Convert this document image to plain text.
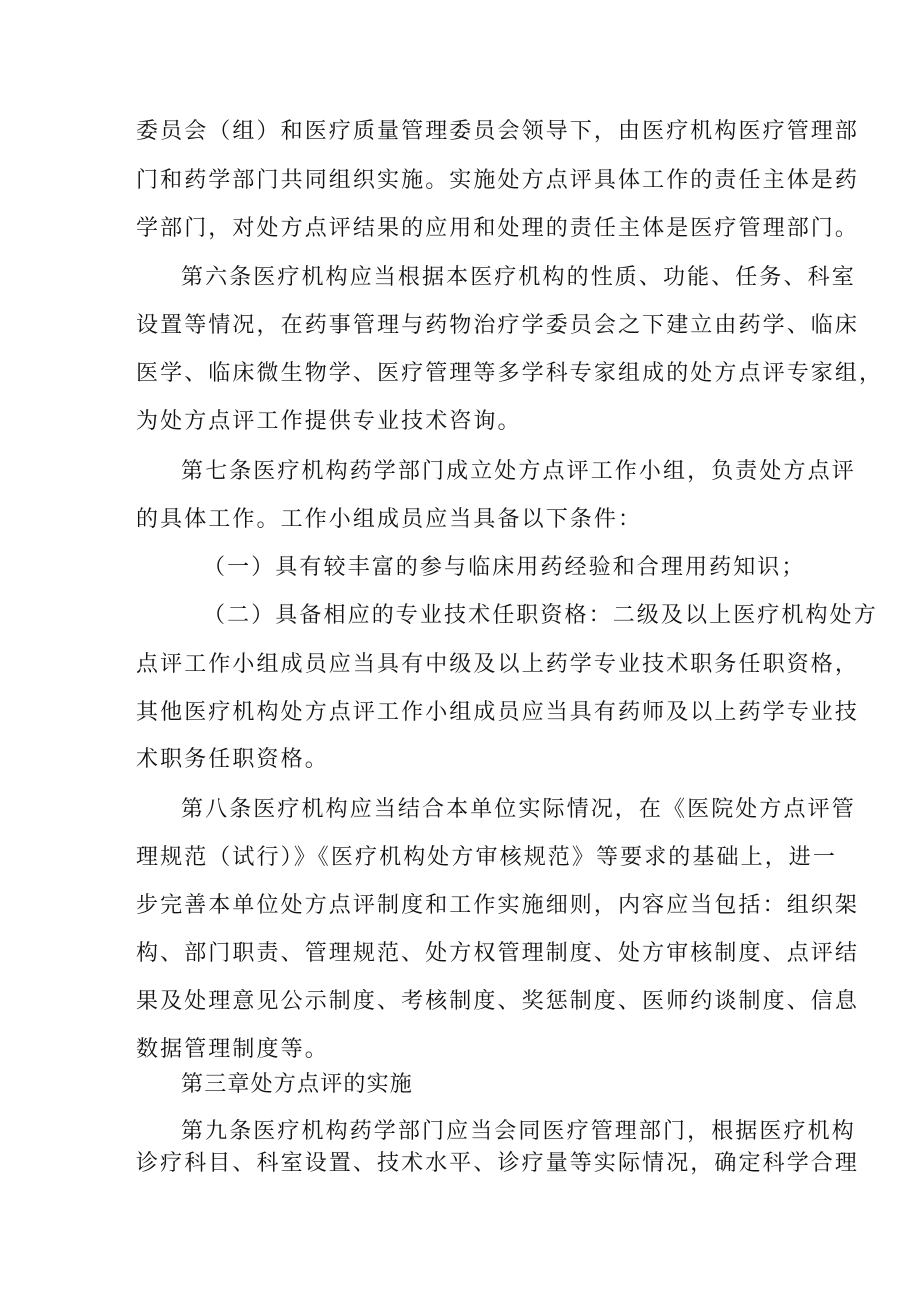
委员会（组）和医疗质量管理委员会领导下，由医疗机构医疗管理部
门和药学部门共同组织实施。实施处方点评具体工作的责任主体是药
学部门，对处方点评结果的应用和处理的责任主体是医疗管理部门。
第六条医疗机构应当根据本医疗机构的性质、功能、任务、科室
设置等情况，在药事管理与药物治疗学委员会之下建立由药学、临床
医学、临床微生物学、医疗管理等多学科专家组成的处方点评专家组，
为处方点评工作提供专业技术咨询。
第七条医疗机构药学部门成立处方点评工作小组，负责处方点评
的具体工作。工作小组成员应当具备以下条件：
（一）具有较丰富的参与临床用药经验和合理用药知识；
（二）具备相应的专业技术任职资格：二级及以上医疗机构处方
点评工作小组成员应当具有中级及以上药学专业技术职务任职资格，
其他医疗机构处方点评工作小组成员应当具有药师及以上药学专业技
术职务任职资格。
第八条医疗机构应当结合本单位实际情况，在《医院处方点评管
理规范（试行）》《医疗机构处方审核规范》等要求的基础上，进一
步完善本单位处方点评制度和工作实施细则，内容应当包括：组织架
构、部门职责、管理规范、处方权管理制度、处方审核制度、点评结
果及处理意见公示制度、考核制度、奖惩制度、医师约谈制度、信息
数据管理制度等。
第三章处方点评的实施
第九条医疗机构药学部门应当会同医疗管理部门，根据医疗机构
诊疗科目、科室设置、技术水平、诊疗量等实际情况，确定科学合理
